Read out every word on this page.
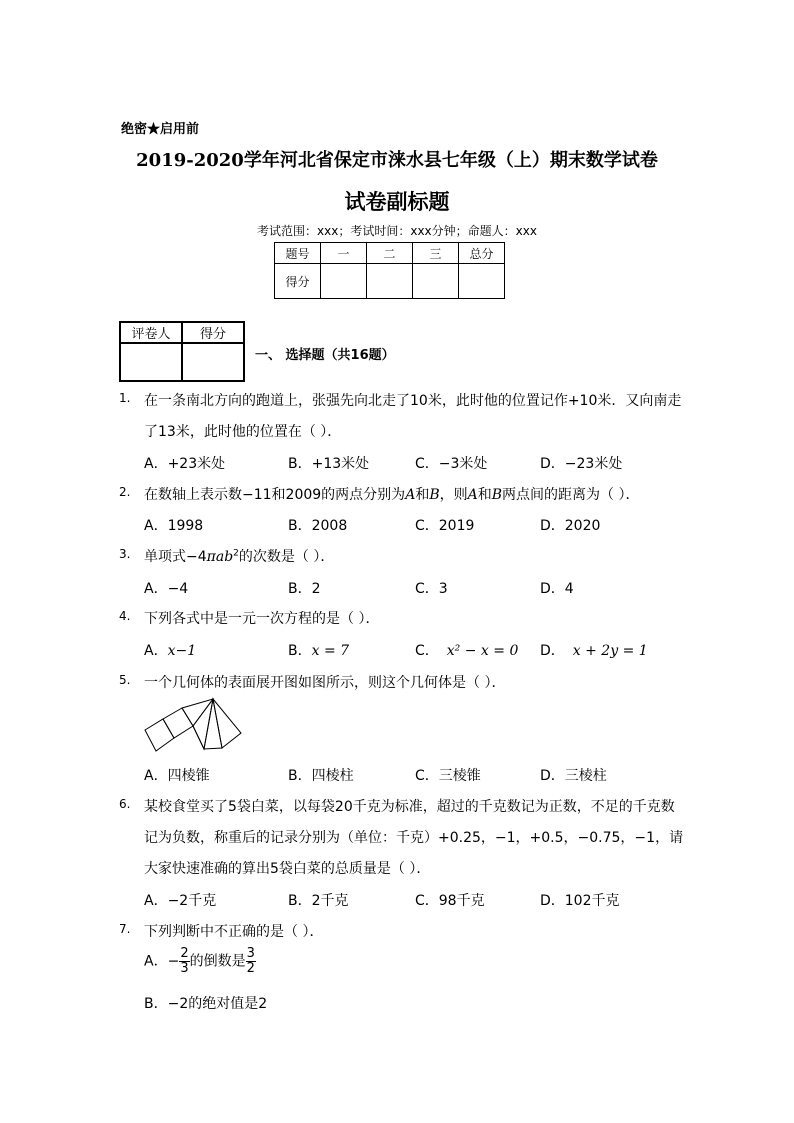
绝密★启用前
2019-2020学年河北省保定市涞水县七年级（上）期末数学试卷
试卷副标题
考试范围：xxx；考试时间：xxx分钟；命题人：xxx
题号	一	二	三	总分
得分				
评卷人	得分

一、 选择题（共16题）
1. 在一条南北方向的跑道上，张强先向北走了10米，此时他的位置记作+10米．又向南走
了13米，此时他的位置在（ ）．
A．+23米处	B．+13米处	C．−3米处	D．−23米处
2. 在数轴上表示数−11和2009的两点分别为A和B，则A和B两点间的距离为（ ）．
A．1998	B．2008	C．2019	D．2020
3. 单项式−4πab$^2$的次数是（ ）．
A．−4	B．2	C．3	D．4
4. 下列各式中是一元一次方程的是（ ）．
A．x−1	B．x = 7	C． x² − x = 0 D． x + 2y = 1
5. 一个几何体的表面展开图如图所示，则这个几何体是（ ）．
A．四棱锥	B．四棱柱	C．三棱锥	D．三棱柱
6. 某校食堂买了5袋白菜，以每袋20千克为标准，超过的千克数记为正数，不足的千克数
记为负数，称重后的记录分别为（单位：千克）+0.25，−1，+0.5，−0.75，−1，请
大家快速准确的算出5袋白菜的总质量是（ ）．
A．−2千克	B．2千克	C．98千克	D．102千克
7. 下列判断中不正确的是（ ）．
A．− $\frac{2}{3}$ 的倒数是 $\frac{3}{2}$
B．−2的绝对值是2
